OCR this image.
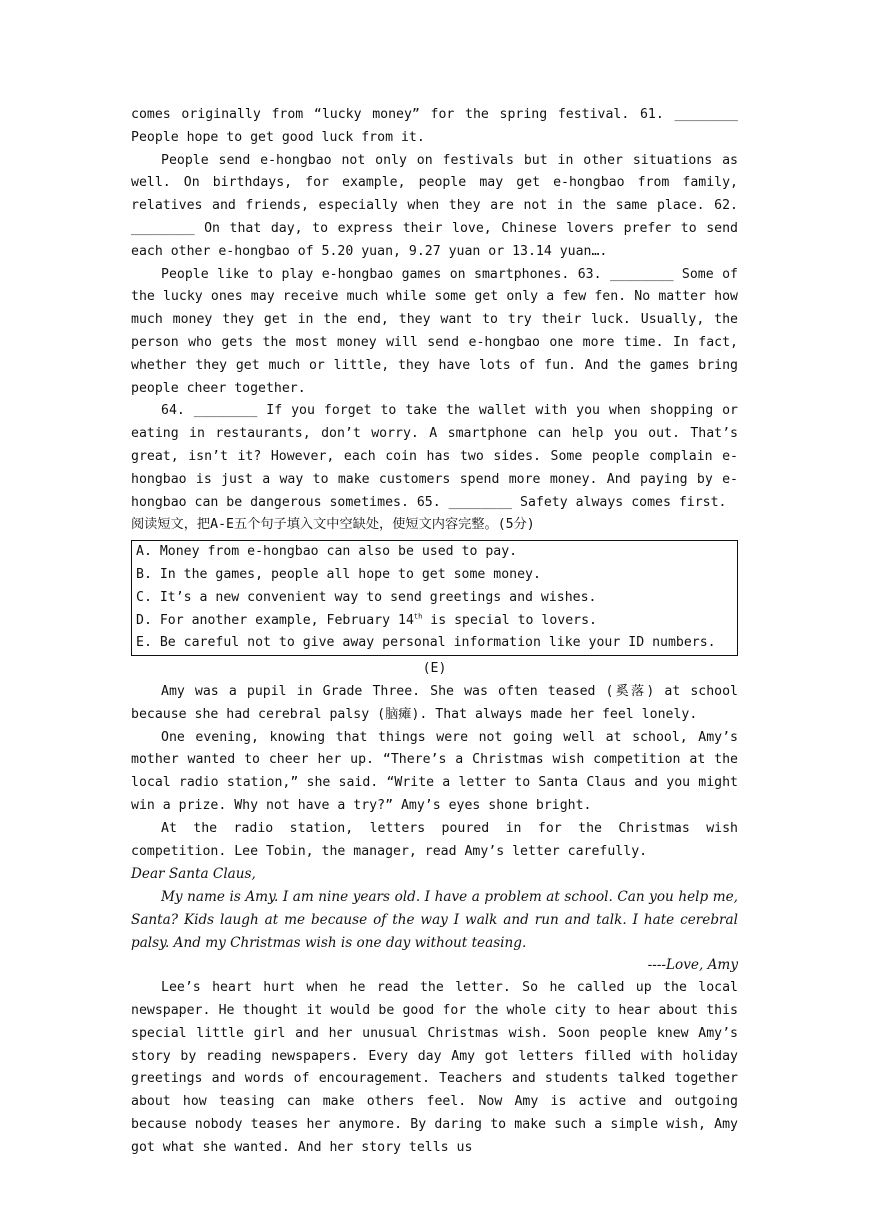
comes originally from “lucky money” for the spring festival. 61. ________ People hope to get good luck from it.

People send e-hongbao not only on festivals but in other situations as well. On birthdays, for example, people may get e-hongbao from family, relatives and friends, especially when they are not in the same place. 62. ________ On that day, to express their love, Chinese lovers prefer to send each other e-hongbao of 5.20 yuan, 9.27 yuan or 13.14 yuan….

People like to play e-hongbao games on smartphones. 63. ________ Some of the lucky ones may receive much while some get only a few fen. No matter how much money they get in the end, they want to try their luck. Usually, the person who gets the most money will send e-hongbao one more time. In fact, whether they get much or little, they have lots of fun. And the games bring people cheer together.

64. ________ If you forget to take the wallet with you when shopping or eating in restaurants, don’t worry. A smartphone can help you out. That’s great, isn’t it? However, each coin has two sides. Some people complain e-hongbao is just a way to make customers spend more money. And paying by e-hongbao can be dangerous sometimes. 65. ________ Safety always comes first.

阅读短文，把A-E五个句子填入文中空缺处，使短文内容完整。(5分)

A. Money from e-hongbao can also be used to pay.
B. In the games, people all hope to get some money.
C. It’s a new convenient way to send greetings and wishes.
D. For another example, February 14th is special to lovers.
E. Be careful not to give away personal information like your ID numbers.

(E)

Amy was a pupil in Grade Three. She was often teased (奚落) at school because she had cerebral palsy (脑瘫). That always made her feel lonely.

One evening, knowing that things were not going well at school, Amy’s mother wanted to cheer her up. “There’s a Christmas wish competition at the local radio station,” she said. “Write a letter to Santa Claus and you might win a prize. Why not have a try?” Amy’s eyes shone bright.

At the radio station, letters poured in for the Christmas wish competition. Lee Tobin, the manager, read Amy’s letter carefully.

Dear Santa Claus,

My name is Amy. I am nine years old. I have a problem at school. Can you help me, Santa? Kids laugh at me because of the way I walk and run and talk. I hate cerebral palsy. And my Christmas wish is one day without teasing.

----Love, Amy

Lee’s heart hurt when he read the letter. So he called up the local newspaper. He thought it would be good for the whole city to hear about this special little girl and her unusual Christmas wish. Soon people knew Amy’s story by reading newspapers. Every day Amy got letters filled with holiday greetings and words of encouragement. Teachers and students talked together about how teasing can make others feel. Now Amy is active and outgoing because nobody teases her anymore. By daring to make such a simple wish, Amy got what she wanted. And her story tells us
